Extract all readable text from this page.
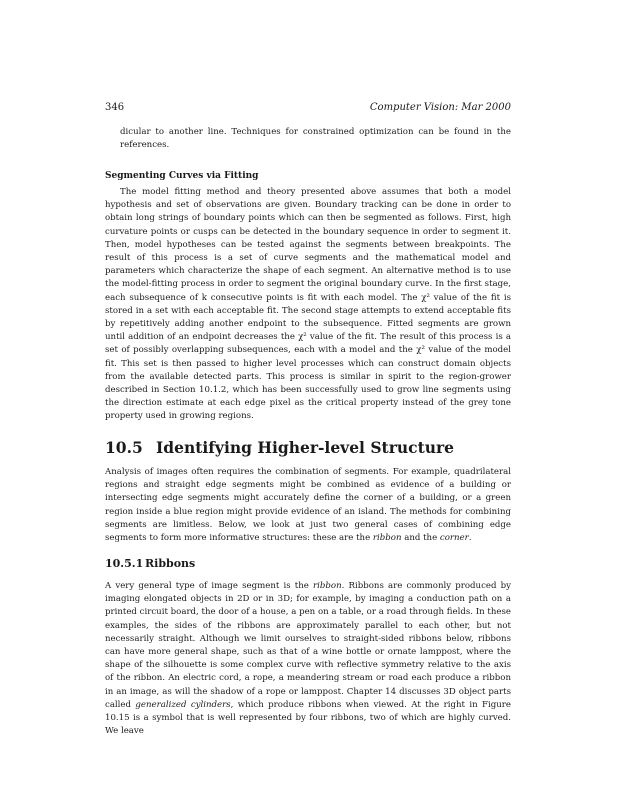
346	Computer Vision: Mar 2000

dicular to another line. Techniques for constrained optimization can be found in the references.

Segmenting Curves via Fitting

The model fitting method and theory presented above assumes that both a model hypothesis and set of observations are given. Boundary tracking can be done in order to obtain long strings of boundary points which can then be segmented as follows. First, high curvature points or cusps can be detected in the boundary sequence in order to segment it. Then, model hypotheses can be tested against the segments between breakpoints. The result of this process is a set of curve segments and the mathematical model and parameters which characterize the shape of each segment. An alternative method is to use the model-fitting process in order to segment the original boundary curve. In the first stage, each subsequence of k consecutive points is fit with each model. The χ² value of the fit is stored in a set with each acceptable fit. The second stage attempts to extend acceptable fits by repetitively adding another endpoint to the subsequence. Fitted segments are grown until addition of an endpoint decreases the χ² value of the fit. The result of this process is a set of possibly overlapping subsequences, each with a model and the χ² value of the model fit. This set is then passed to higher level processes which can construct domain objects from the available detected parts. This process is similar in spirit to the region-grower described in Section 10.1.2, which has been successfully used to grow line segments using the direction estimate at each edge pixel as the critical property instead of the grey tone property used in growing regions.

10.5 Identifying Higher-level Structure

Analysis of images often requires the combination of segments. For example, quadrilateral regions and straight edge segments might be combined as evidence of a building or intersecting edge segments might accurately define the corner of a building, or a green region inside a blue region might provide evidence of an island. The methods for combining segments are limitless. Below, we look at just two general cases of combining edge segments to form more informative structures: these are the ribbon and the corner.

10.5.1 Ribbons

A very general type of image segment is the ribbon. Ribbons are commonly produced by imaging elongated objects in 2D or in 3D; for example, by imaging a conduction path on a printed circuit board, the door of a house, a pen on a table, or a road through fields. In these examples, the sides of the ribbons are approximately parallel to each other, but not necessarily straight. Although we limit ourselves to straight-sided ribbons below, ribbons can have more general shape, such as that of a wine bottle or ornate lamppost, where the shape of the silhouette is some complex curve with reflective symmetry relative to the axis of the ribbon. An electric cord, a rope, a meandering stream or road each produce a ribbon in an image, as will the shadow of a rope or lamppost. Chapter 14 discusses 3D object parts called generalized cylinders, which produce ribbons when viewed. At the right in Figure 10.15 is a symbol that is well represented by four ribbons, two of which are highly curved. We leave
